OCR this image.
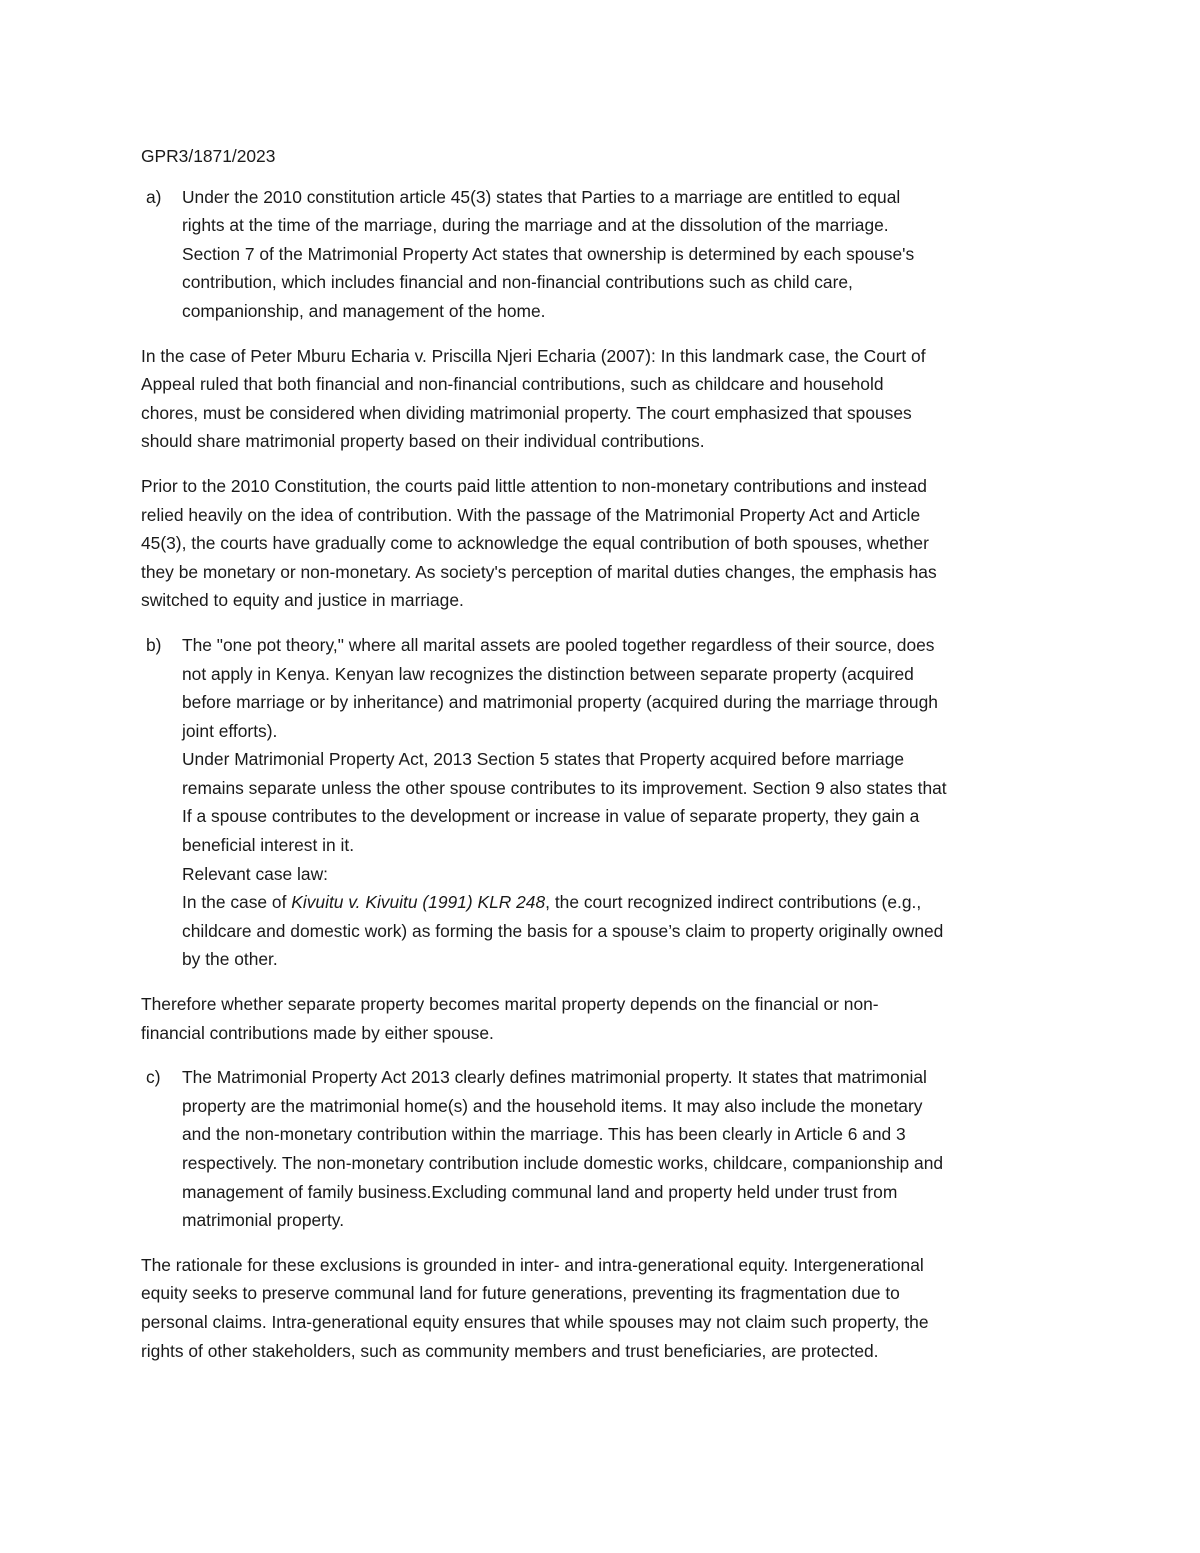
GPR3/1871/2023

a) Under the 2010 constitution article 45(3) states that Parties to a marriage are entitled to equal
rights at the time of the marriage, during the marriage and at the dissolution of the marriage.
Section 7 of the Matrimonial Property Act states that ownership is determined by each spouse's
contribution, which includes financial and non-financial contributions such as child care,
companionship, and management of the home.
In the case of Peter Mburu Echaria v. Priscilla Njeri Echaria (2007): In this landmark case, the Court of
Appeal ruled that both financial and non-financial contributions, such as childcare and household
chores, must be considered when dividing matrimonial property. The court emphasized that spouses
should share matrimonial property based on their individual contributions.
Prior to the 2010 Constitution, the courts paid little attention to non-monetary contributions and instead
relied heavily on the idea of contribution. With the passage of the Matrimonial Property Act and Article
45(3), the courts have gradually come to acknowledge the equal contribution of both spouses, whether
they be monetary or non-monetary. As society's perception of marital duties changes, the emphasis has
switched to equity and justice in marriage.
b) The "one pot theory," where all marital assets are pooled together regardless of their source, does
not apply in Kenya. Kenyan law recognizes the distinction between separate property (acquired
before marriage or by inheritance) and matrimonial property (acquired during the marriage through
joint efforts).
Under Matrimonial Property Act, 2013 Section 5 states that Property acquired before marriage
remains separate unless the other spouse contributes to its improvement. Section 9 also states that
If a spouse contributes to the development or increase in value of separate property, they gain a
beneficial interest in it.
Relevant case law:
In the case of Kivuitu v. Kivuitu (1991) KLR 248, the court recognized indirect contributions (e.g.,
childcare and domestic work) as forming the basis for a spouse’s claim to property originally owned
by the other.
Therefore whether separate property becomes marital property depends on the financial or non-
financial contributions made by either spouse.
c) The Matrimonial Property Act 2013 clearly defines matrimonial property. It states that matrimonial
property are the matrimonial home(s) and the household items. It may also include the monetary
and the non-monetary contribution within the marriage. This has been clearly in Article 6 and 3
respectively. The non-monetary contribution include domestic works, childcare, companionship and
management of family business.Excluding communal land and property held under trust from
matrimonial property.
The rationale for these exclusions is grounded in inter- and intra-generational equity. Intergenerational
equity seeks to preserve communal land for future generations, preventing its fragmentation due to
personal claims. Intra-generational equity ensures that while spouses may not claim such property, the
rights of other stakeholders, such as community members and trust beneficiaries, are protected.
